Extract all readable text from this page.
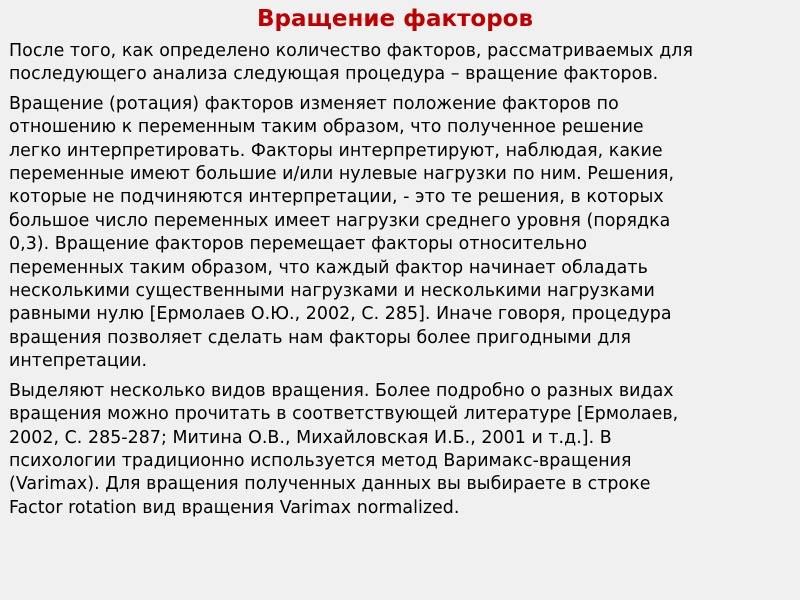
Вращение факторов

После того, как определено количество факторов, рассматриваемых для
последующего анализа следующая процедура – вращение факторов.

Вращение (ротация) факторов изменяет положение факторов по
отношению к переменным таким образом, что полученное решение
легко интерпретировать. Факторы интерпретируют, наблюдая, какие
переменные имеют большие и/или нулевые нагрузки по ним. Решения,
которые не подчиняются интерпретации, - это те решения, в которых
большое число переменных имеет нагрузки среднего уровня (порядка
0,3). Вращение факторов перемещает факторы относительно
переменных таким образом, что каждый фактор начинает обладать
несколькими существенными нагрузками и несколькими нагрузками
равными нулю [Ермолаев О.Ю., 2002, С. 285]. Иначе говоря, процедура
вращения позволяет сделать нам факторы более пригодными для
интепретации.

Выделяют несколько видов вращения. Более подробно о разных видах
вращения можно прочитать в соответствующей литературе [Ермолаев,
2002, С. 285-287; Митина О.В., Михайловская И.Б., 2001 и т.д.]. В
психологии традиционно используется метод Варимакс-вращения
(Varimax). Для вращения полученных данных вы выбираете в строке
Factor rotation вид вращения Varimax normalized.
